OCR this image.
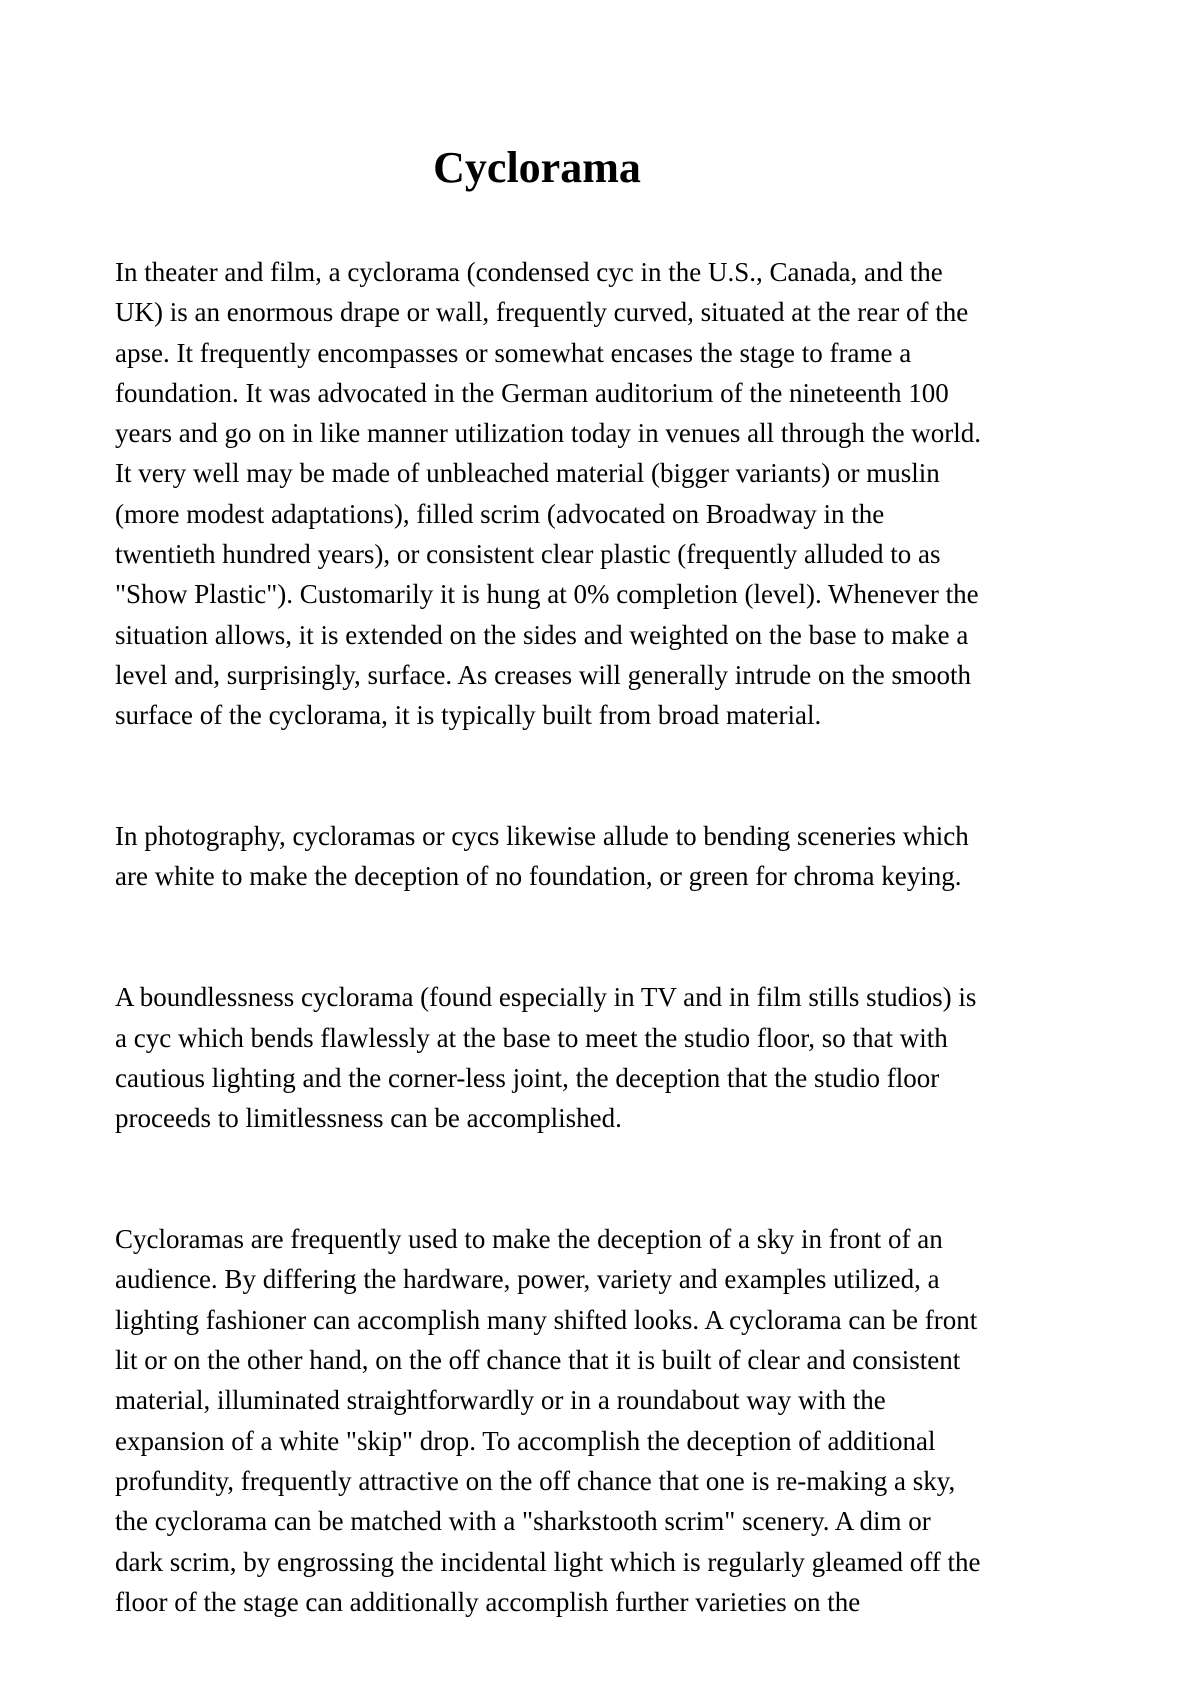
Cyclorama

In theater and film, a cyclorama (condensed cyc in the U.S., Canada, and the
UK) is an enormous drape or wall, frequently curved, situated at the rear of the
apse. It frequently encompasses or somewhat encases the stage to frame a
foundation. It was advocated in the German auditorium of the nineteenth 100
years and go on in like manner utilization today in venues all through the world.
It very well may be made of unbleached material (bigger variants) or muslin
(more modest adaptations), filled scrim (advocated on Broadway in the
twentieth hundred years), or consistent clear plastic (frequently alluded to as
"Show Plastic"). Customarily it is hung at 0% completion (level). Whenever the
situation allows, it is extended on the sides and weighted on the base to make a
level and, surprisingly, surface. As creases will generally intrude on the smooth
surface of the cyclorama, it is typically built from broad material.

In photography, cycloramas or cycs likewise allude to bending sceneries which
are white to make the deception of no foundation, or green for chroma keying.

A boundlessness cyclorama (found especially in TV and in film stills studios) is
a cyc which bends flawlessly at the base to meet the studio floor, so that with
cautious lighting and the corner-less joint, the deception that the studio floor
proceeds to limitlessness can be accomplished.

Cycloramas are frequently used to make the deception of a sky in front of an
audience. By differing the hardware, power, variety and examples utilized, a
lighting fashioner can accomplish many shifted looks. A cyclorama can be front
lit or on the other hand, on the off chance that it is built of clear and consistent
material, illuminated straightforwardly or in a roundabout way with the
expansion of a white "skip" drop. To accomplish the deception of additional
profundity, frequently attractive on the off chance that one is re-making a sky,
the cyclorama can be matched with a "sharkstooth scrim" scenery. A dim or
dark scrim, by engrossing the incidental light which is regularly gleamed off the
floor of the stage can additionally accomplish further varieties on the
